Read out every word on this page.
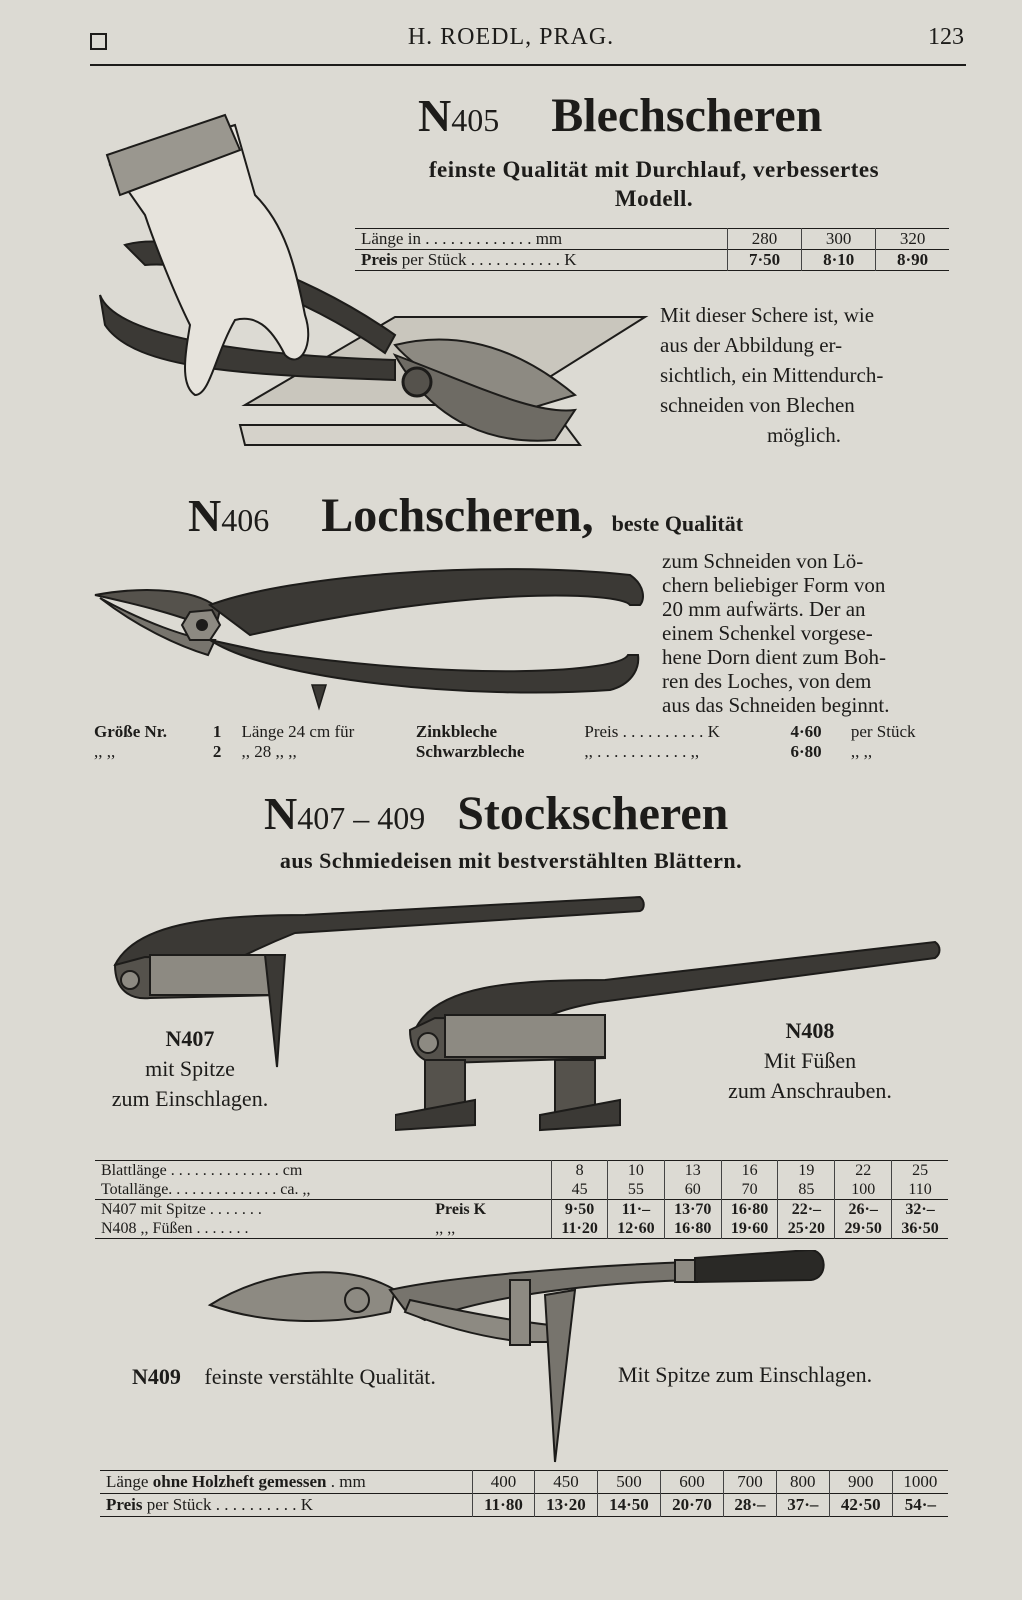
H. ROEDL, PRAG.	123
N405 Blechscheren
feinste Qualität mit Durchlauf, verbessertes
Modell.
Länge in . . . . . . . . . . . . . mm	280	300	320
Preis per Stück . . . . . . . . . . . K	7·50	8·10	8·90
Mit dieser Schere ist, wie
aus der Abbildung er-
sichtlich, ein Mittendurch-
schneiden von Blechen
möglich.
N406 Lochscheren, beste Qualität
zum Schneiden von Lö-
chern beliebiger Form von
20 mm aufwärts. Der an
einem Schenkel vorgese-
hene Dorn dient zum Boh-
ren des Loches, von dem
aus das Schneiden beginnt.
Größe Nr.	1	Länge 24 cm für	Zinkbleche	Preis . . . . . . . . . . K	4·60	per Stück
,, ,,	2	,, 28 ,, ,,	Schwarzbleche	,, . . . . . . . . . . . ,,	6·80	,, ,,
N407 – 409 Stockscheren
aus Schmiedeisen mit bestverstählten Blättern.
N407
mit Spitze
zum Einschlagen.
N408
Mit Füßen
zum Anschrauben.
Blattlänge . . . . . . . . . . . . . . cm		8	10	13	16	19	22	25
Totallänge. . . . . . . . . . . . . . ca. ,,		45	55	60	70	85	100	110
N407 mit Spitze . . . . . . .	Preis K	9·50	11·–	13·70	16·80	22·–	26·–	32·–
N408 ,, Füßen . . . . . . .	,, ,,	11·20	12·60	16·80	19·60	25·20	29·50	36·50
N409 feinste verstählte Qualität.	Mit Spitze zum Einschlagen.
Länge ohne Holzheft gemessen . mm	400	450	500	600	700	800	900	1000
Preis per Stück . . . . . . . . . . K	11·80	13·20	14·50	20·70	28·–	37·–	42·50	54·–
